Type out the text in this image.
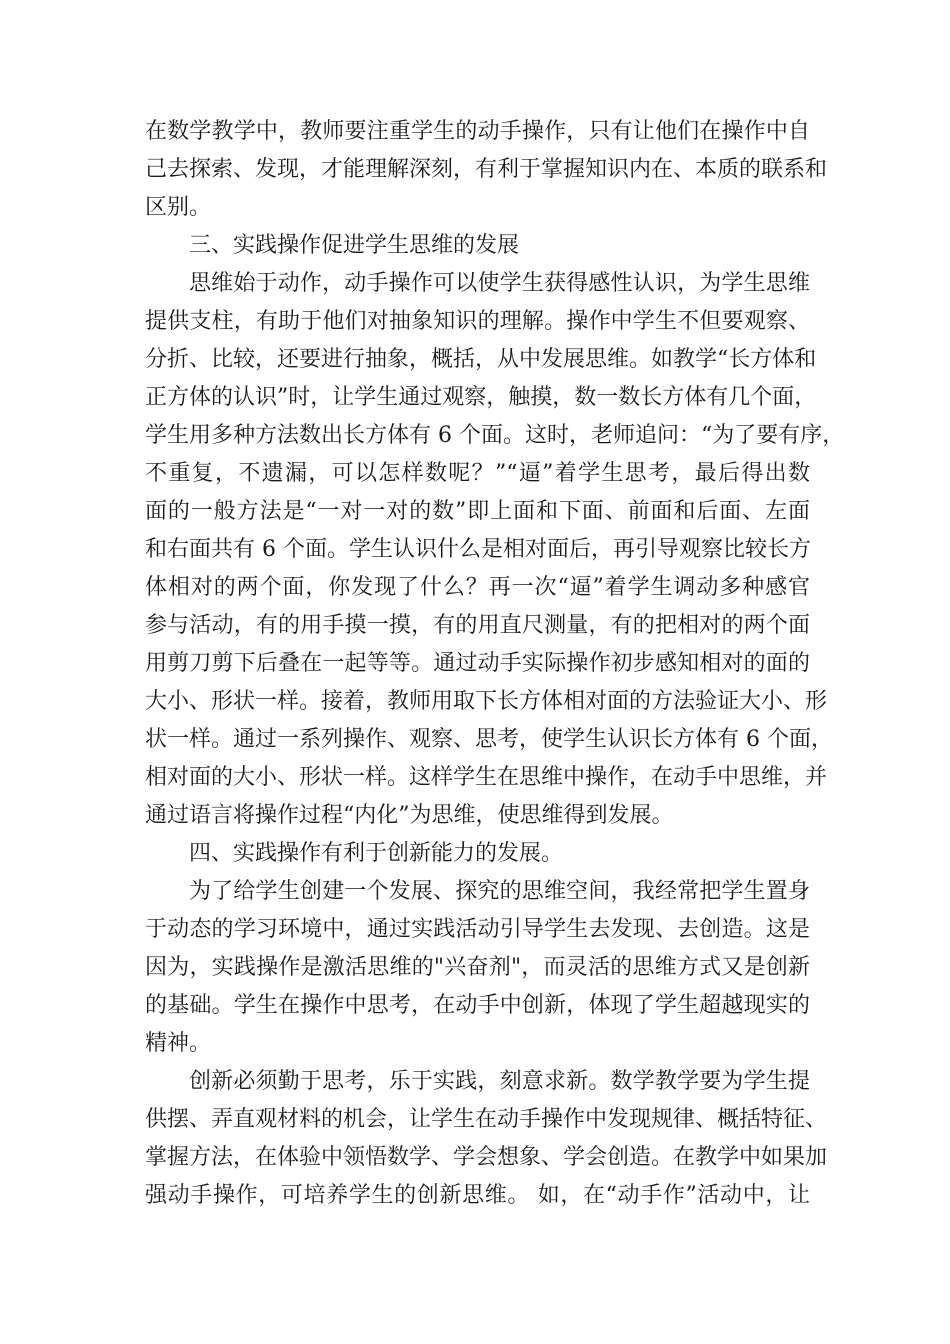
在数学教学中，教师要注重学生的动手操作，只有让他们在操作中自
己去探索、发现，才能理解深刻，有利于掌握知识内在、本质的联系和
区别。
三、实践操作促进学生思维的发展
思维始于动作，动手操作可以使学生获得感性认识，为学生思维
提供支柱，有助于他们对抽象知识的理解。操作中学生不但要观察、
分折、比较，还要进行抽象，概括，从中发展思维。如教学“长方体和
正方体的认识”时，让学生通过观察，触摸，数一数长方体有几个面，
学生用多种方法数出长方体有 6 个面。这时，老师追问：“为了要有序，
不重复，不遗漏，可以怎样数呢？”“逼”着学生思考，最后得出数
面的一般方法是“一对一对的数”即上面和下面、前面和后面、左面
和右面共有 6 个面。学生认识什么是相对面后，再引导观察比较长方
体相对的两个面，你发现了什么？再一次“逼”着学生调动多种感官
参与活动，有的用手摸一摸，有的用直尺测量，有的把相对的两个面
用剪刀剪下后叠在一起等等。通过动手实际操作初步感知相对的面的
大小、形状一样。接着，教师用取下长方体相对面的方法验证大小、形
状一样。通过一系列操作、观察、思考，使学生认识长方体有 6 个面，
相对面的大小、形状一样。这样学生在思维中操作，在动手中思维，并
通过语言将操作过程“内化”为思维，使思维得到发展。
四、实践操作有利于创新能力的发展。
为了给学生创建一个发展、探究的思维空间，我经常把学生置身
于动态的学习环境中，通过实践活动引导学生去发现、去创造。这是
因为，实践操作是激活思维的"兴奋剂"，而灵活的思维方式又是创新
的基础。学生在操作中思考，在动手中创新，体现了学生超越现实的
精神。
创新必须勤于思考，乐于实践，刻意求新。数学教学要为学生提
供摆、弄直观材料的机会，让学生在动手操作中发现规律、概括特征、
掌握方法，在体验中领悟数学、学会想象、学会创造。在教学中如果加
强动手操作，可培养学生的创新思维。 如，在“动手作”活动中，让
